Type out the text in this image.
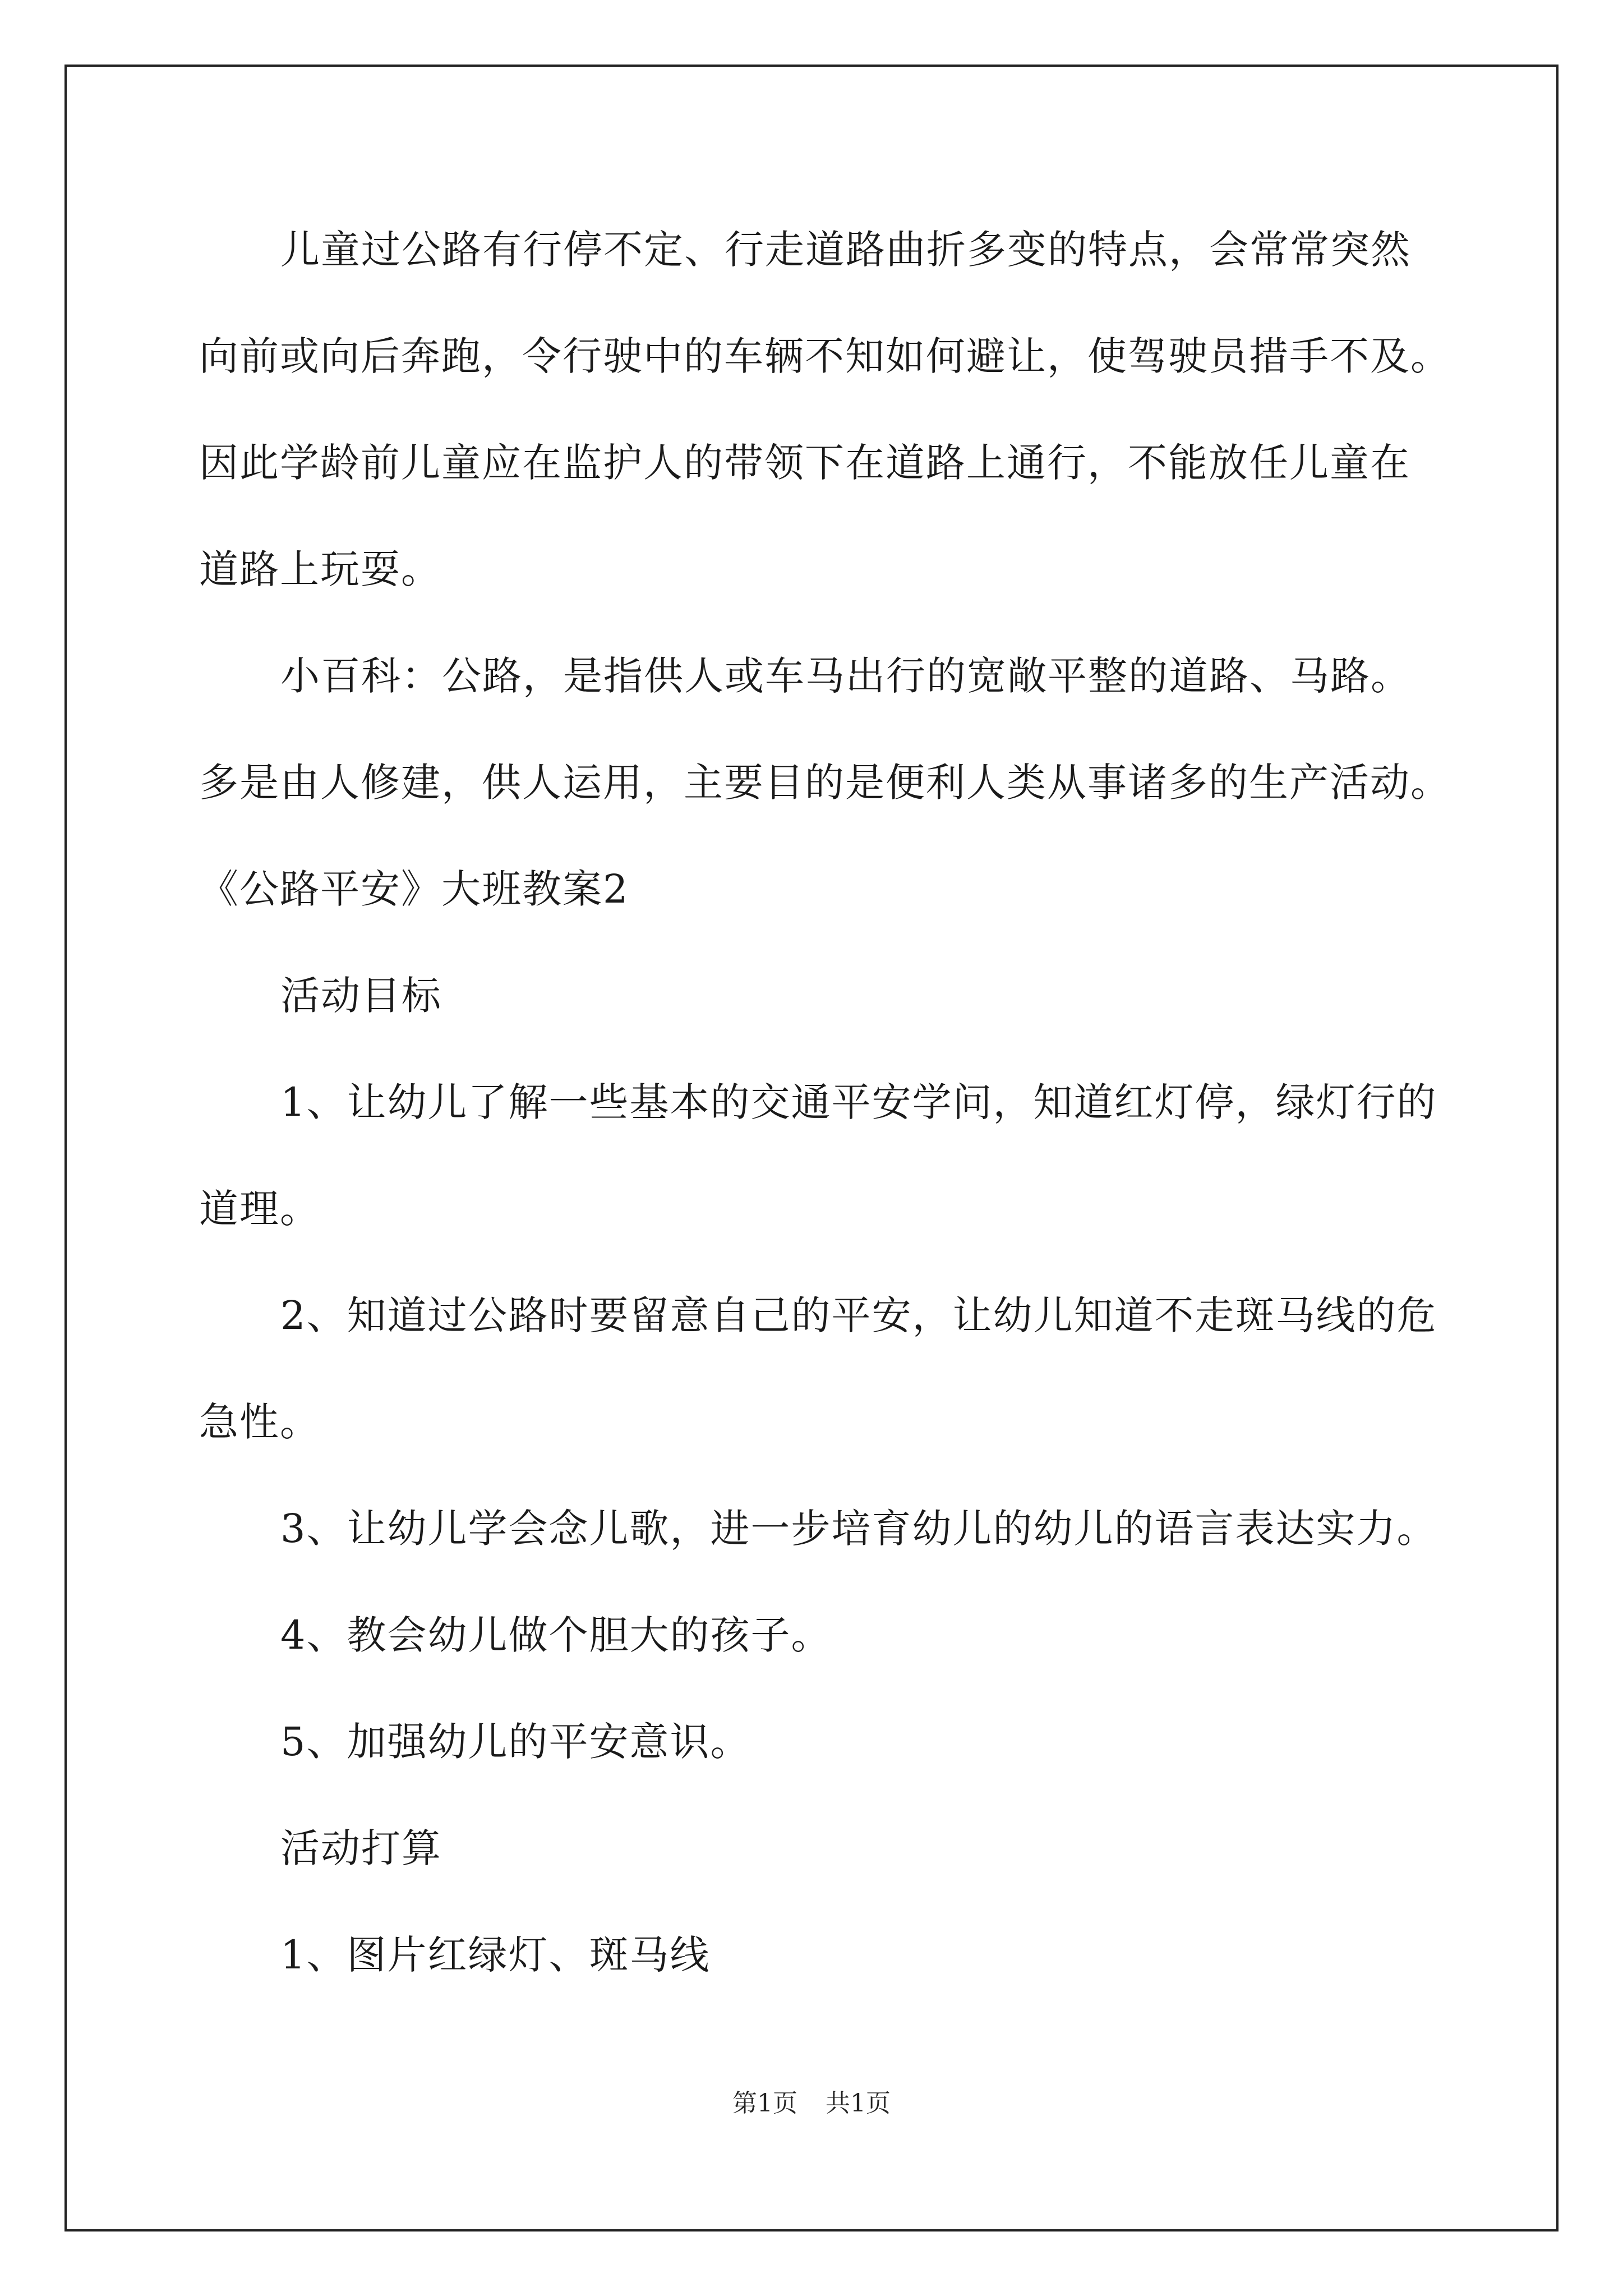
儿童过公路有行停不定、行走道路曲折多变的特点，会常常突然
向前或向后奔跑，令行驶中的车辆不知如何避让，使驾驶员措手不及。
因此学龄前儿童应在监护人的带领下在道路上通行，不能放任儿童在
道路上玩耍。
小百科：公路，是指供人或车马出行的宽敞平整的道路、马路。
多是由人修建，供人运用，主要目的是便利人类从事诸多的生产活动。
《公路平安》大班教案2
活动目标
1、让幼儿了解一些基本的交通平安学问，知道红灯停，绿灯行的
道理。
2、知道过公路时要留意自己的平安，让幼儿知道不走斑马线的危
急性。
3、让幼儿学会念儿歌，进一步培育幼儿的幼儿的语言表达实力。
4、教会幼儿做个胆大的孩子。
5、加强幼儿的平安意识。
活动打算
1、图片红绿灯、斑马线
第1页 共1页
